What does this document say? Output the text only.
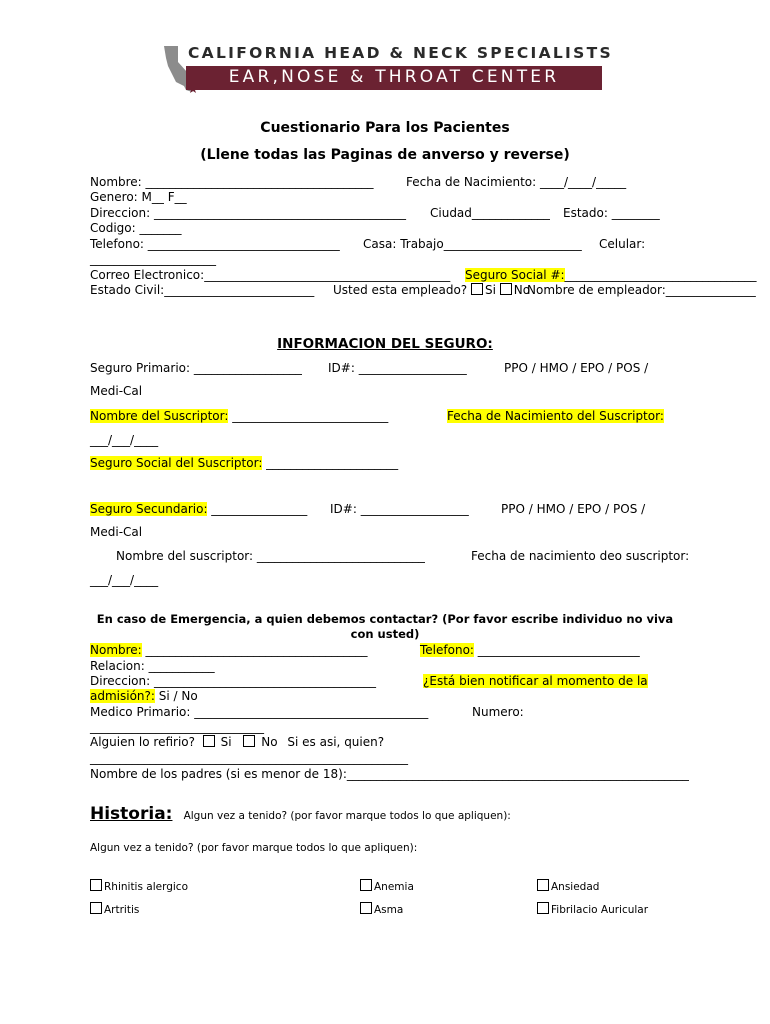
CALIFORNIA HEAD & NECK SPECIALISTS
EAR,NOSE & THROAT CENTER
Cuestionario Para los Pacientes
(Llene todas las Paginas de anverso y reverse)
Nombre: ______________________________________	Fecha de Nacimiento: ____/____/_____
Genero: M__ F__
Direccion: __________________________________________ Ciudad_____________ Estado: ________
Codigo: _______
Telefono: ________________________________ Casa: Trabajo_______________________ Celular:
_____________________
Correo Electronico:_________________________________________ Seguro Social #:________________________________
Estado Civil:_________________________ Usted esta empleado? Si No
Nombre de empleador:_______________
INFORMACION DEL SEGURO:
Seguro Primario: __________________ ID#: __________________	PPO / HMO / EPO / POS /
Medi-Cal
Nombre del Suscriptor: __________________________	Fecha de Nacimiento del Suscriptor:
___/___/____
Seguro Social del Suscriptor: ______________________
Seguro Secundario: ________________ ID#: __________________	PPO / HMO / EPO / POS /
Medi-Cal
Nombre del suscriptor: ____________________________	Fecha de nacimiento deo suscriptor:
___/___/____
En caso de Emergencia, a quien debemos contactar? (Por favor escribe individuo no viva
con usted)
Nombre: _____________________________________	Telefono: ___________________________
Relacion: ___________
Direccion: _____________________________________	¿Está bien notificar al momento de la
admisión?: Si / No
Medico Primario: _______________________________________	Numero:
_____________________________
Alguien lo refirio? Si No Si es asi, quien?
_____________________________________________________
Nombre de los padres (si es menor de 18):_________________________________________________________
Historia: Algun vez a tenido? (por favor marque todos lo que apliquen):
Algun vez a tenido? (por favor marque todos lo que apliquen):
Rhinitis alergico	Anemia	Ansiedad
Artritis	Asma	Fibrilacio Auricular
